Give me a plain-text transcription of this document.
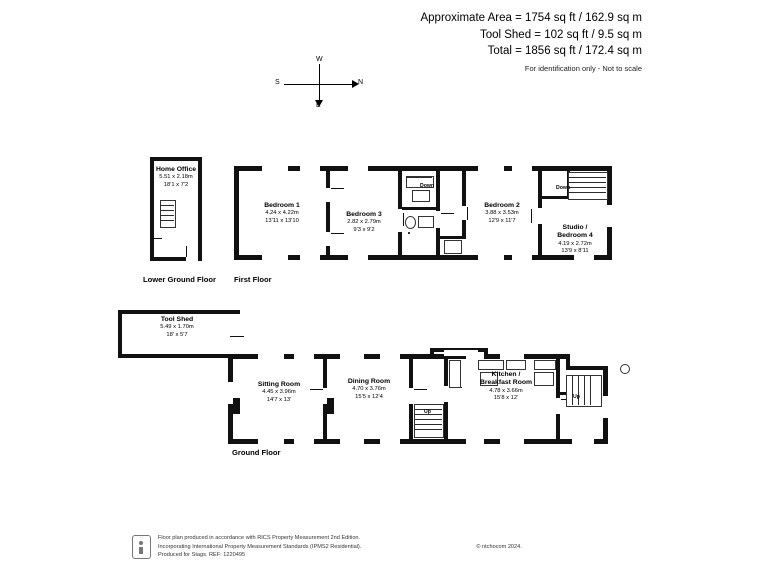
Approximate Area = 1754 sq ft / 162.9 sq m
Tool Shed = 102 sq ft / 9.5 sq m
Total = 1856 sq ft / 172.4 sq m
For identification only - Not to scale
N
S
W
E
Home Office
5.51 x 2.18m
18'1 x 7'2
Lower Ground Floor
Down	Down
Bedroom 1
4.24 x 4.22m
13'11 x 13'10
Bedroom 3
2.82 x 2.79m
9'3 x 9'2
Bedroom 2
3.88 x 3.53m
12'9 x 11'7
Studio /
Bedroom 4
4.19 x 2.72m
13'9 x 8'11
First Floor
Tool Shed
5.49 x 1.70m
18' x 5'7
Up
Up
Sitting Room
4.45 x 3.96m
14'7 x 13'
Dining Room
4.70 x 3.76m
15'5 x 12'4
Kitchen /
Breakfast Room
4.78 x 3.66m
15'8 x 12'
Ground Floor
Floor plan produced in accordance with RICS Property Measurement 2nd Edition.
Incorporating International Property Measurement Standards (IPMS2 Residential).
Produced for Stags. REF: 1220495
© ntchocom 2024.
